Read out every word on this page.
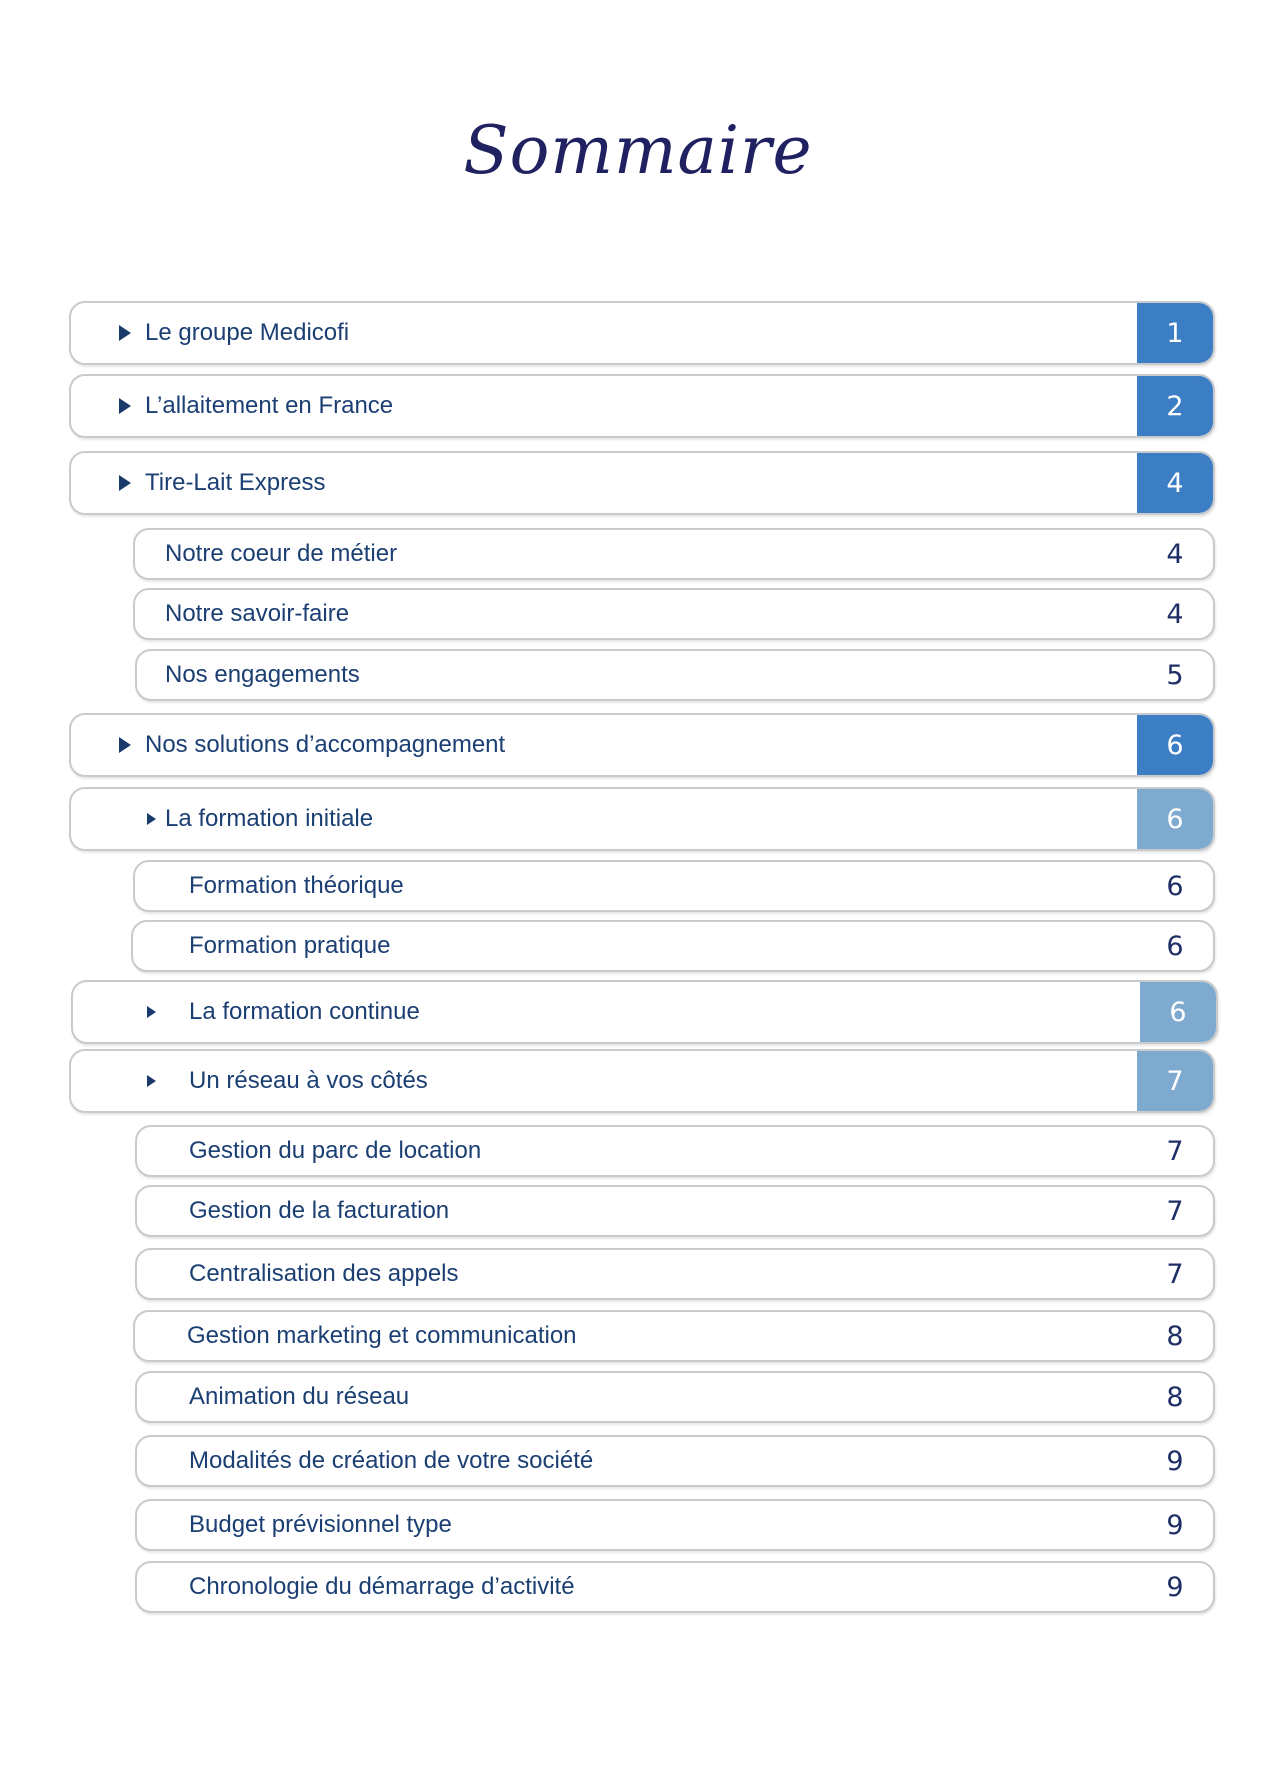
Sommaire
Le groupe Medicofi	1
L’allaitement en France	2
Tire-Lait Express	4
Notre coeur de métier	4
Notre savoir-faire	4
Nos engagements	5
Nos solutions d’accompagnement	6
La formation initiale	6
Formation théorique	6
Formation pratique	6
La formation continue	6
Un réseau à vos côtés	7
Gestion du parc de location	7
Gestion de la facturation	7
Centralisation des appels	7
Gestion marketing et communication	8
Animation du réseau	8
Modalités de création de votre société	9
Budget prévisionnel type	9
Chronologie du démarrage d’activité	9
